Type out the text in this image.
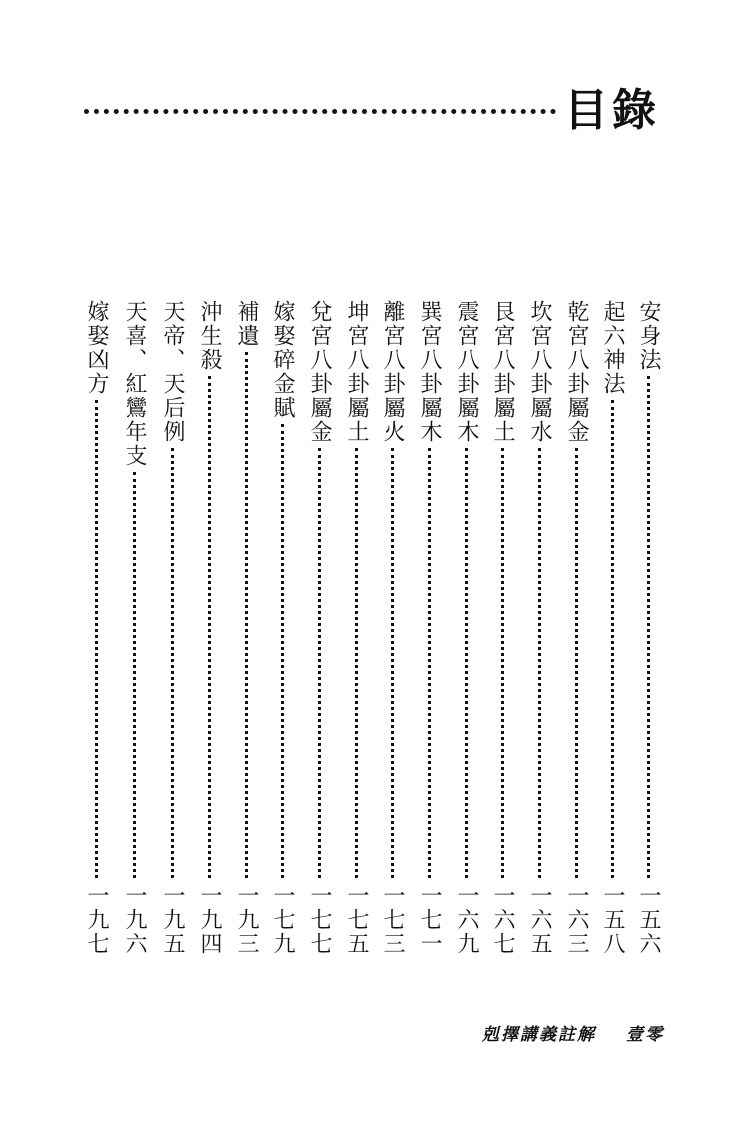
目錄
安身法
一五六
起六神法
一五八
乾宮八卦屬金
一六三
坎宮八卦屬水
一六五
艮宮八卦屬土
一六七
震宮八卦屬木
一六九
巽宮八卦屬木
一七一
離宮八卦屬火
一七三
坤宮八卦屬土
一七五
兌宮八卦屬金
一七七
嫁娶碎金賦
一七九
補遺
一九三
沖生殺
一九四
天帝、天后例
一九五
天喜、紅鸞年支
一九六
嫁娶凶方
一九七
剋擇講義註解 壹零
